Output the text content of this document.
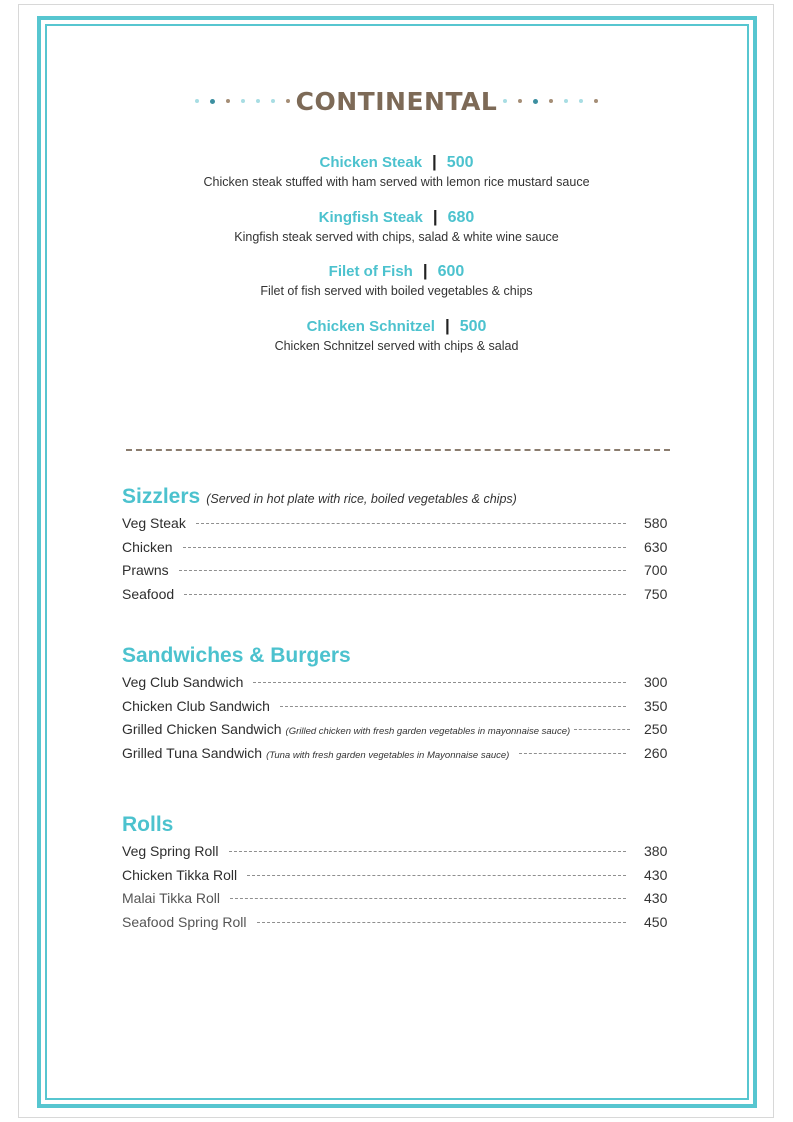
CONTINENTAL
Chicken Steak | 500
Chicken steak stuffed with ham served with lemon rice mustard sauce
Kingfish Steak | 680
Kingfish steak served with chips, salad & white wine sauce
Filet of Fish | 600
Filet of fish served with boiled vegetables & chips
Chicken Schnitzel | 500
Chicken Schnitzel served with chips & salad
Sizzlers (Served in hot plate with rice, boiled vegetables & chips)
Veg Steak	580
Chicken	630
Prawns	700
Seafood	750
Sandwiches & Burgers
Veg Club Sandwich	300
Chicken Club Sandwich	350
Grilled Chicken Sandwich (Grilled chicken with fresh garden vegetables in mayonnaise sauce)	250
Grilled Tuna Sandwich (Tuna with fresh garden vegetables in Mayonnaise sauce)	260
Rolls
Veg Spring Roll	380
Chicken Tikka Roll	430
Malai Tikka Roll	430
Seafood Spring Roll	450
